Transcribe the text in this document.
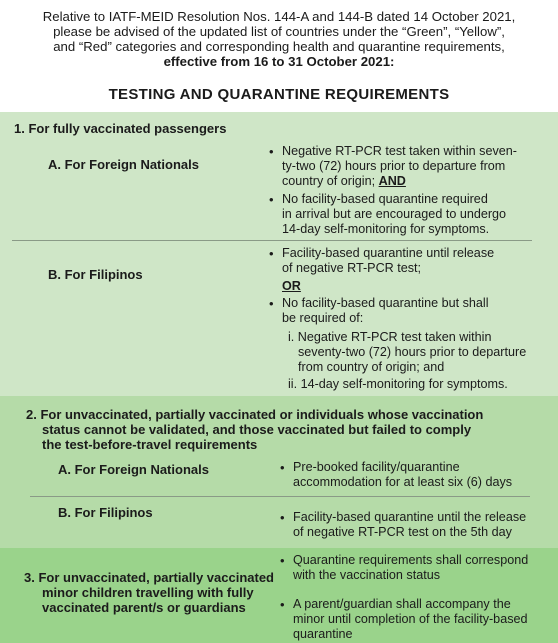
Relative to IATF-MEID Resolution Nos. 144-A and 144-B dated 14 October 2021,
please be advised of the updated list of countries under the “Green”, “Yellow”,
and “Red” categories and corresponding health and quarantine requirements,
effective from 16 to 31 October 2021:
TESTING AND QUARANTINE REQUIREMENTS
1. For fully vaccinated passengers
A. For Foreign Nationals
• Negative RT-PCR test taken within seven-
ty-two (72) hours prior to departure from
country of origin; AND
• No facility-based quarantine required
in arrival but are encouraged to undergo
14-day self-monitoring for symptoms.
B. For Filipinos
• Facility-based quarantine until release
of negative RT-PCR test;
OR
• No facility-based quarantine but shall
be required of:
i. Negative RT-PCR test taken within
seventy-two (72) hours prior to departure
from country of origin; and
ii. 14-day self-monitoring for symptoms.
2. For unvaccinated, partially vaccinated or individuals whose vaccination
status cannot be validated, and those vaccinated but failed to comply
the test-before-travel requirements
A. For Foreign Nationals	• Pre-booked facility/quarantine
accommodation for at least six (6) days
B. For Filipinos	• Facility-based quarantine until the release
of negative RT-PCR test on the 5th day
3. For unvaccinated, partially vaccinated
minor children travelling with fully
vaccinated parent/s or guardians
• Quarantine requirements shall correspond
with the vaccination status
• A parent/guardian shall accompany the
minor until completion of the facility-based
quarantine
